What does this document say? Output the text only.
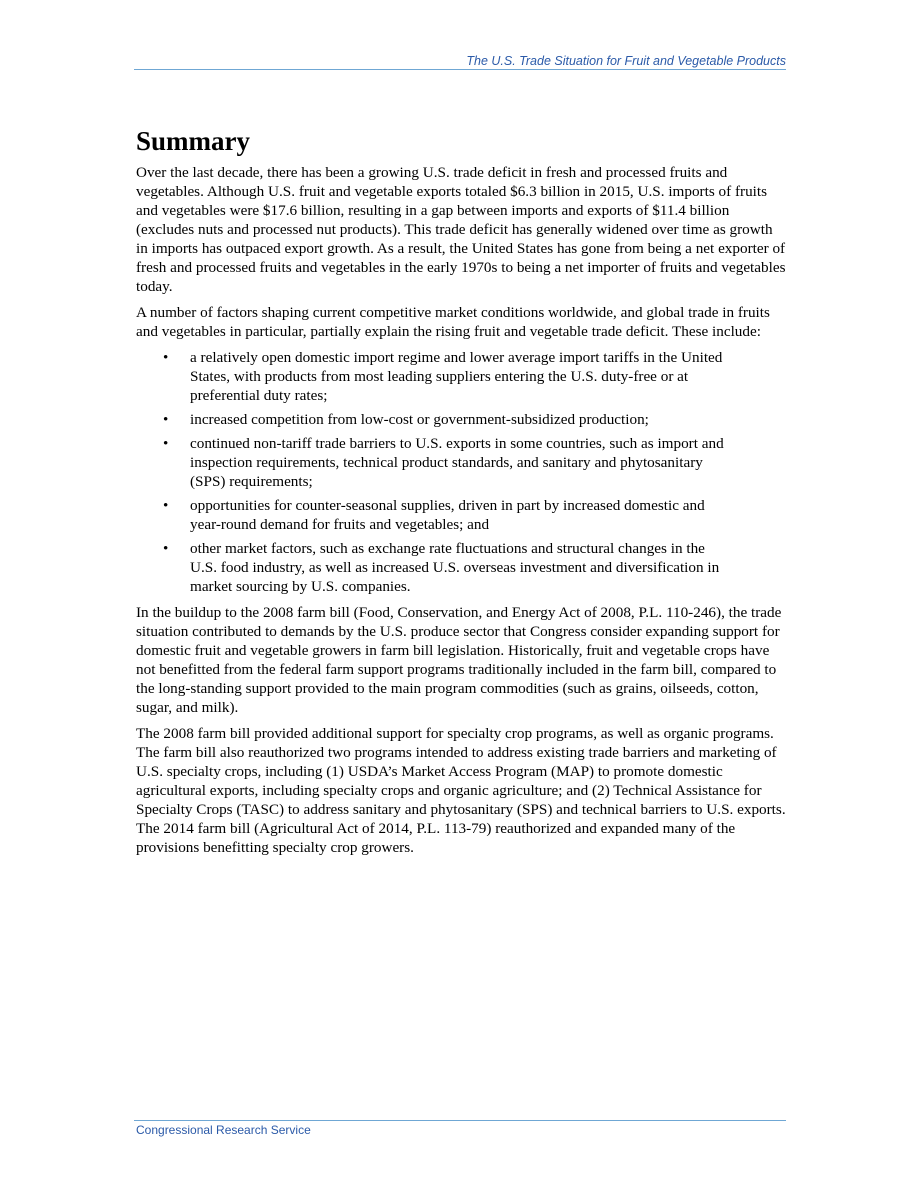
The U.S. Trade Situation for Fruit and Vegetable Products
Summary

Over the last decade, there has been a growing U.S. trade deficit in fresh and processed fruits and vegetables. Although U.S. fruit and vegetable exports totaled $6.3 billion in 2015, U.S. imports of fruits and vegetables were $17.6 billion, resulting in a gap between imports and exports of $11.4 billion (excludes nuts and processed nut products). This trade deficit has generally widened over time as growth in imports has outpaced export growth. As a result, the United States has gone from being a net exporter of fresh and processed fruits and vegetables in the early 1970s to being a net importer of fruits and vegetables today.

A number of factors shaping current competitive market conditions worldwide, and global trade in fruits and vegetables in particular, partially explain the rising fruit and vegetable trade deficit. These include:

• a relatively open domestic import regime and lower average import tariffs in the United States, with products from most leading suppliers entering the U.S. duty-free or at preferential duty rates;
• increased competition from low-cost or government-subsidized production;
• continued non-tariff trade barriers to U.S. exports in some countries, such as import and inspection requirements, technical product standards, and sanitary and phytosanitary (SPS) requirements;
• opportunities for counter-seasonal supplies, driven in part by increased domestic and year-round demand for fruits and vegetables; and
• other market factors, such as exchange rate fluctuations and structural changes in the U.S. food industry, as well as increased U.S. overseas investment and diversification in market sourcing by U.S. companies.

In the buildup to the 2008 farm bill (Food, Conservation, and Energy Act of 2008, P.L. 110-246), the trade situation contributed to demands by the U.S. produce sector that Congress consider expanding support for domestic fruit and vegetable growers in farm bill legislation. Historically, fruit and vegetable crops have not benefitted from the federal farm support programs traditionally included in the farm bill, compared to the long-standing support provided to the main program commodities (such as grains, oilseeds, cotton, sugar, and milk).

The 2008 farm bill provided additional support for specialty crop programs, as well as organic programs. The farm bill also reauthorized two programs intended to address existing trade barriers and marketing of U.S. specialty crops, including (1) USDA’s Market Access Program (MAP) to promote domestic agricultural exports, including specialty crops and organic agriculture; and (2) Technical Assistance for Specialty Crops (TASC) to address sanitary and phytosanitary (SPS) and technical barriers to U.S. exports. The 2014 farm bill (Agricultural Act of 2014, P.L. 113-79) reauthorized and expanded many of the provisions benefitting specialty crop growers.

Congressional Research Service
